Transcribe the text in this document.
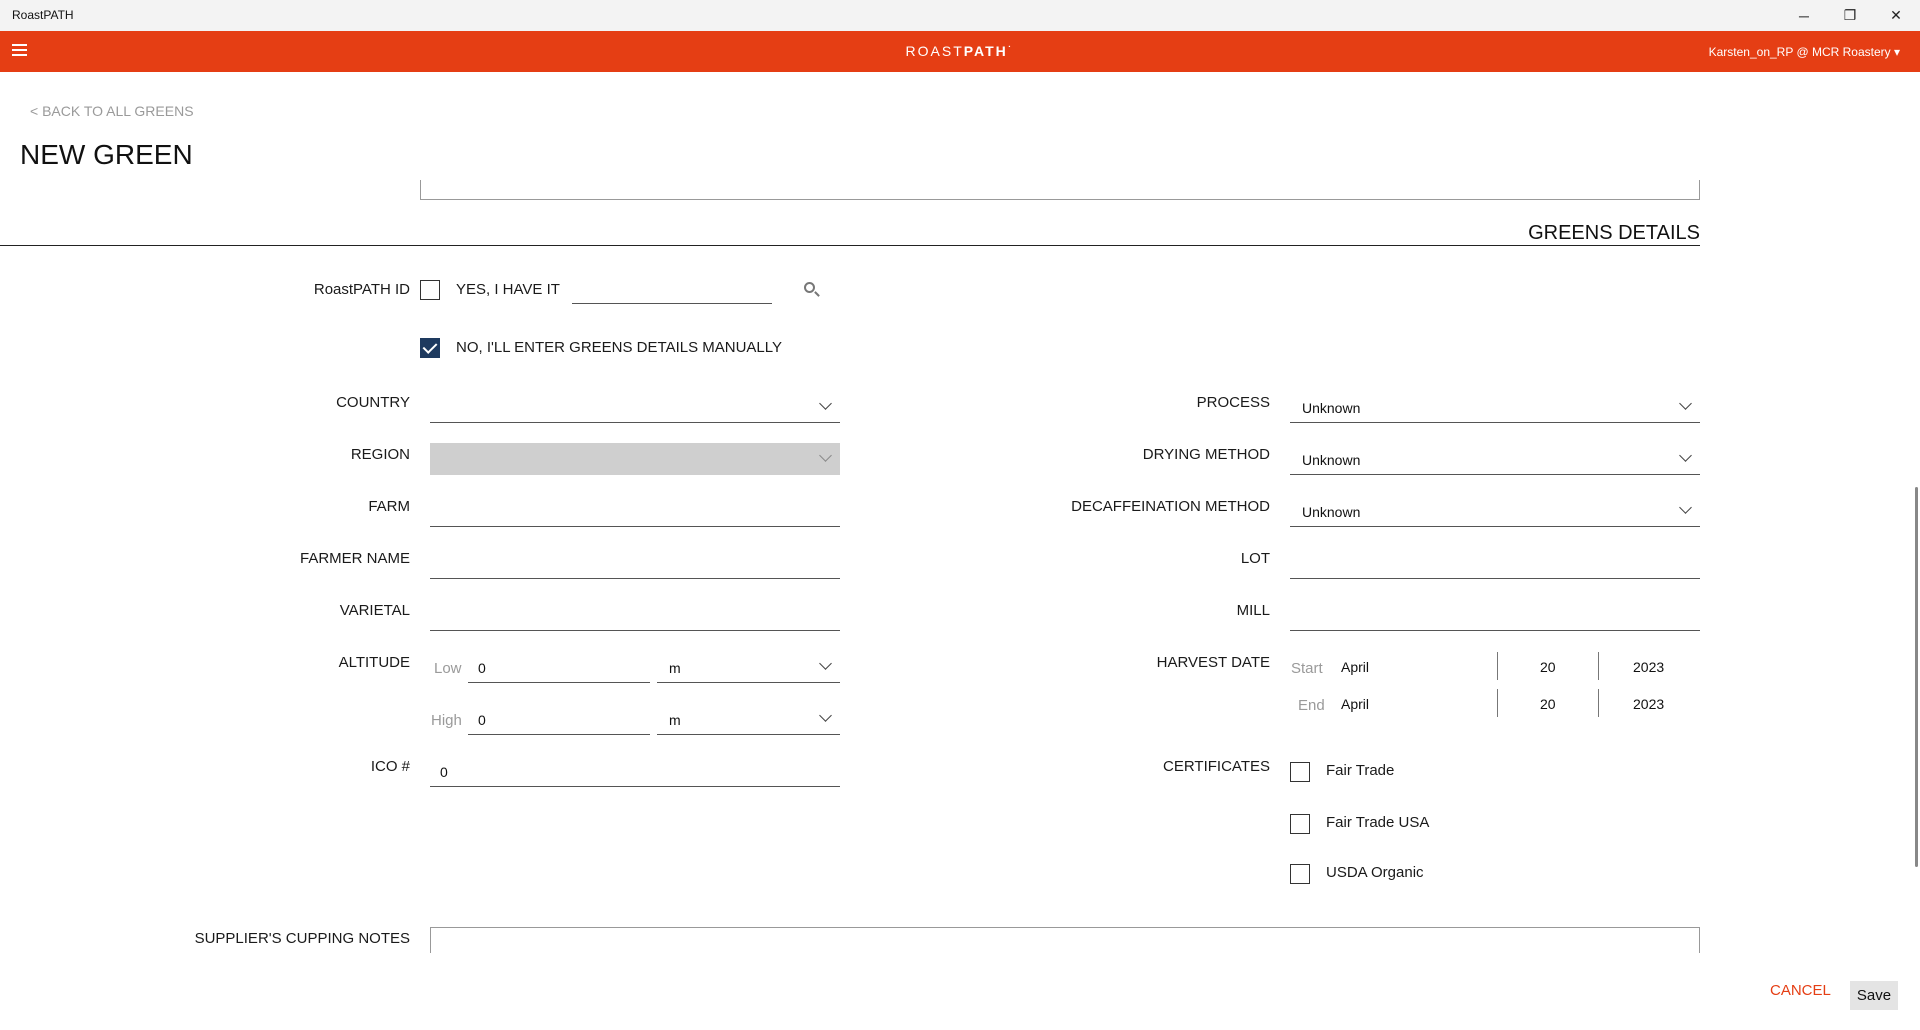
RoastPATH	─	❐	✕
ROASTPATH˙	Karsten_on_RP @ MCR Roastery ▾
< BACK TO ALL GREENS
NEW GREEN
GREENS DETAILS
RoastPATH ID	YES, I HAVE IT
NO, I'LL ENTER GREENS DETAILS MANUALLY
COUNTRY
REGION
FARM
FARMER NAME
VARIETAL
ALTITUDE Low 0	m
High 0	m
ICO # 0
PROCESS Unknown
DRYING METHOD Unknown
DECAFFEINATION METHOD Unknown
LOT
MILL
HARVEST DATE Start April	20	2023
End April	20	2023
CERTIFICATES	Fair Trade
Fair Trade USA
USDA Organic
SUPPLIER'S CUPPING NOTES
CANCEL	Save
